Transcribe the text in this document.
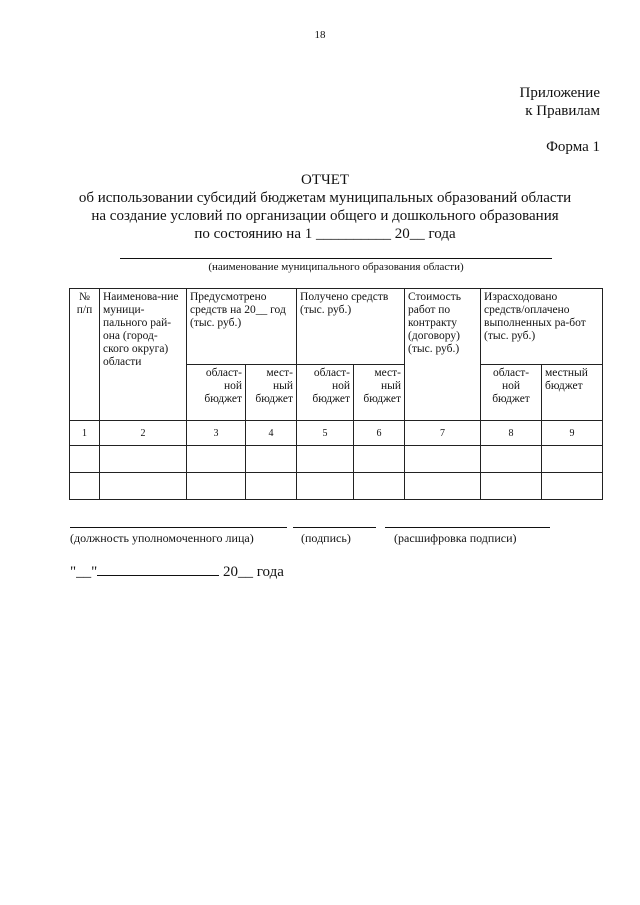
18
Приложение
к Правилам
Форма 1
ОТЧЕТ
об использовании субсидий бюджетам муниципальных образований области
на создание условий по организации общего и дошкольного образования
по состоянию на 1 __________ 20__ года
(наименование муниципального образования области)
№ п/п	Наименова-ние муници-пального рай-она (город-ского округа) области	Предусмотрено средств на 20__ год (тыс. руб.)		Получено средств (тыс. руб.)		Стоимость работ по контракту (договору) (тыс. руб.)	Израсходовано средств/оплачено выполненных ра-бот (тыс. руб.)	
		област-ной бюджет	мест-ный бюджет	област-ной бюджет	мест-ный бюджет		област-ной бюджет	местный бюджет
1	2	3	4	5	6	7	8	9

(должность уполномоченного лица)	(подпись)	(расшифровка подписи)
"__"	20__ года
